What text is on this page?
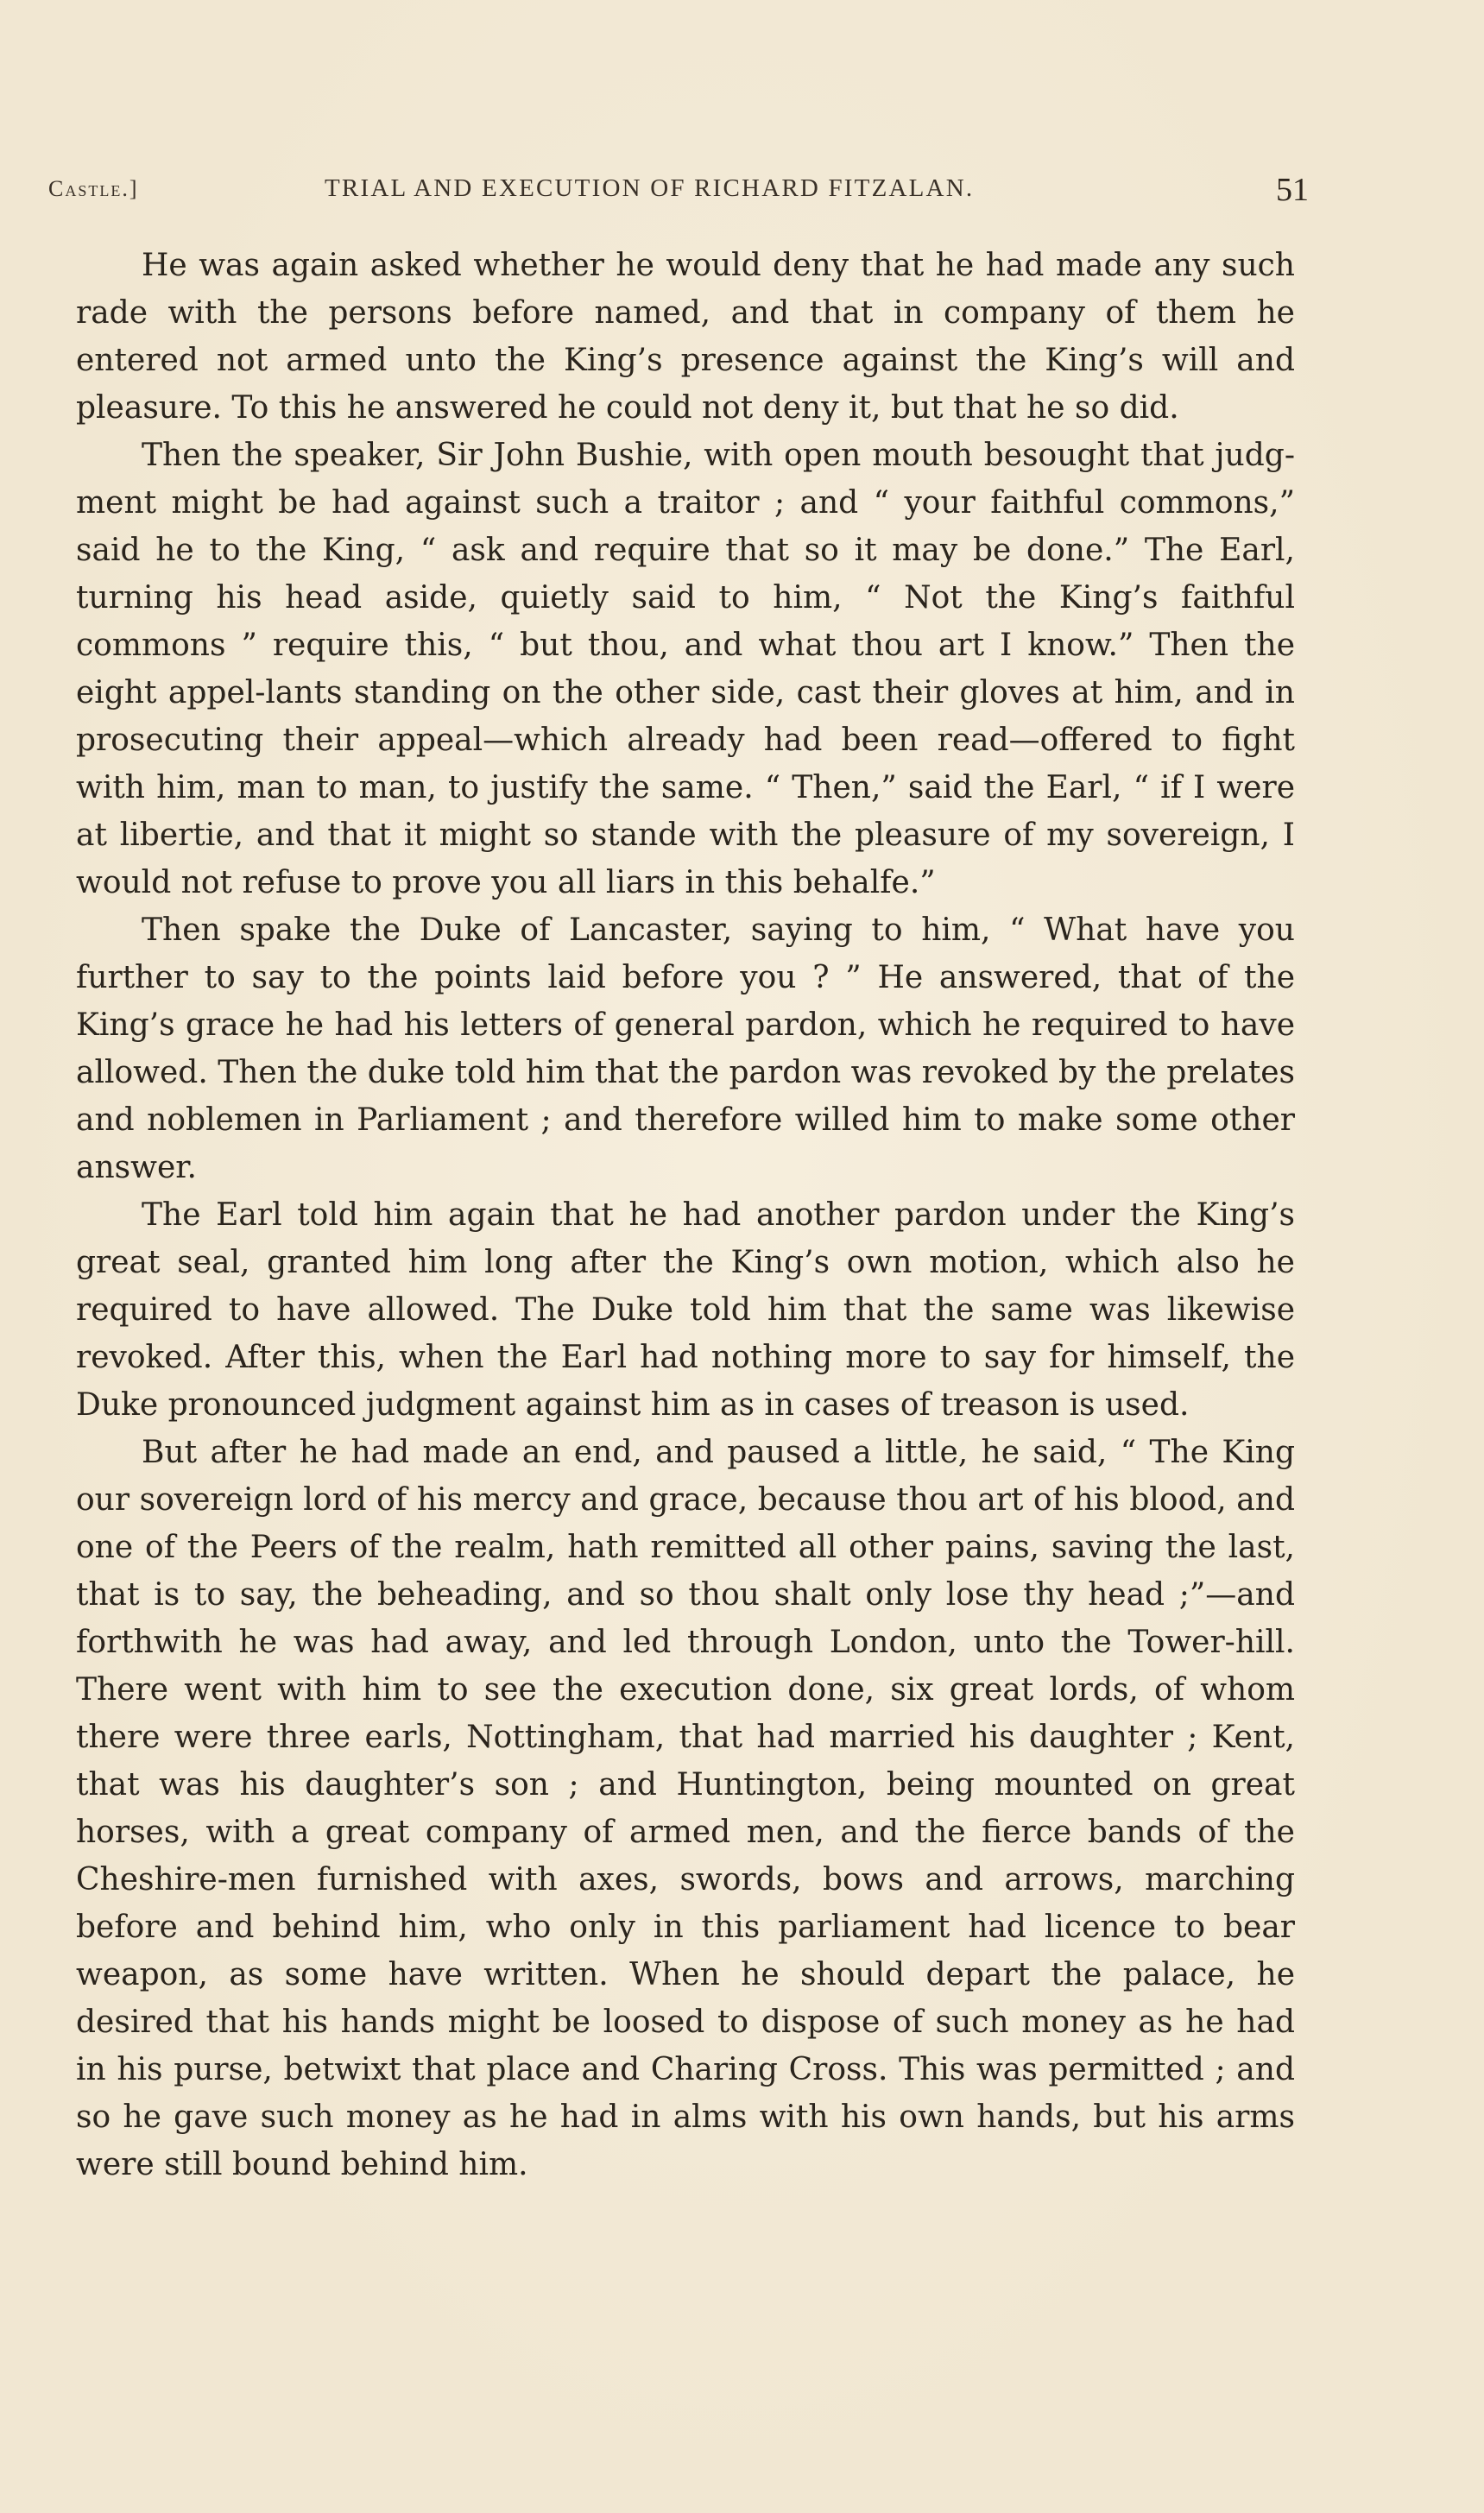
Castle.]	TRIAL AND EXECUTION OF RICHARD FITZALAN.	51

He was again asked whether he would deny that he had made any such rade with the persons before named, and that in company of them he entered not armed unto the King’s presence against the King’s will and pleasure. To this he answered he could not deny it, but that he so did.

Then the speaker, Sir John Bushie, with open mouth besought that judg-ment might be had against such a traitor ; and “ your faithful commons,” said he to the King, “ ask and require that so it may be done.” The Earl, turning his head aside, quietly said to him, “ Not the King’s faithful commons ” require this, “ but thou, and what thou art I know.” Then the eight appel-lants standing on the other side, cast their gloves at him, and in prosecuting their appeal—which already had been read—offered to fight with him, man to man, to justify the same. “ Then,” said the Earl, “ if I were at libertie, and that it might so stande with the pleasure of my sovereign, I would not refuse to prove you all liars in this behalfe.”

Then spake the Duke of Lancaster, saying to him, “ What have you further to say to the points laid before you ? ” He answered, that of the King’s grace he had his letters of general pardon, which he required to have allowed. Then the duke told him that the pardon was revoked by the prelates and noblemen in Parliament ; and therefore willed him to make some other answer.

The Earl told him again that he had another pardon under the King’s great seal, granted him long after the King’s own motion, which also he required to have allowed. The Duke told him that the same was likewise revoked. After this, when the Earl had nothing more to say for himself, the Duke pronounced judgment against him as in cases of treason is used.

But after he had made an end, and paused a little, he said, “ The King our sovereign lord of his mercy and grace, because thou art of his blood, and one of the Peers of the realm, hath remitted all other pains, saving the last, that is to say, the beheading, and so thou shalt only lose thy head ;”—and forthwith he was had away, and led through London, unto the Tower-hill. There went with him to see the execution done, six great lords, of whom there were three earls, Nottingham, that had married his daughter ; Kent, that was his daughter’s son ; and Huntington, being mounted on great horses, with a great company of armed men, and the fierce bands of the Cheshire-men furnished with axes, swords, bows and arrows, marching before and behind him, who only in this parliament had licence to bear weapon, as some have written. When he should depart the palace, he desired that his hands might be loosed to dispose of such money as he had in his purse, betwixt that place and Charing Cross. This was permitted ; and so he gave such money as he had in alms with his own hands, but his arms were still bound behind him.
